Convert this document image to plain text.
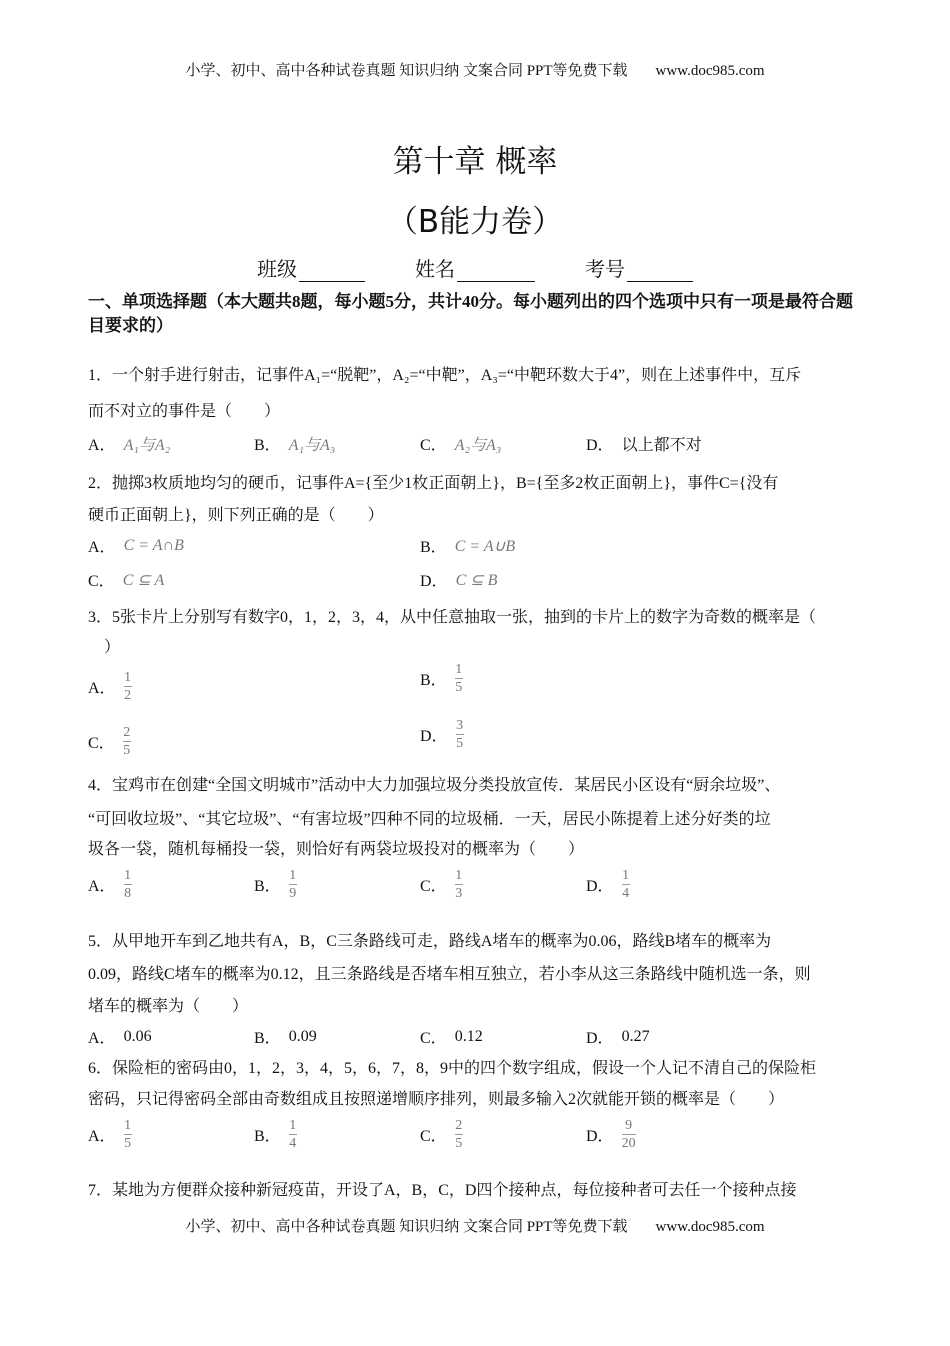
小学、初中、高中各种试卷真题 知识归纳 文案合同 PPT等免费下载 www.doc985.com
第十章 概率
（B能力卷）
班级	姓名	考号
一、单项选择题（本大题共8题，每小题5分，共计40分。每小题列出的四个选项中只有一项是最符合题目要求的）
1．一个射手进行射击，记事件A₁=“脱靶”，A₂=“中靶”，A₃=“中靶环数大于4”，则在上述事件中，互斥
而不对立的事件是（　　）
A． A₁与A₂	B． A₁与A₃	C． A₂与A₃	D． 以上都不对
2．抛掷3枚质地均匀的硬币，记事件A={至少1枚正面朝上}，B={至多2枚正面朝上}，事件C={没有
硬币正面朝上}，则下列正确的是（　　）
A． C = A∩B	B． C = A∪B
C． C ⊆ A	D． C ⊆ B
3．5张卡片上分别写有数字0，1，2，3，4，从中任意抽取一张，抽到的卡片上的数字为奇数的概率是（
　）
A． $\frac{1}{2}$	B． $\frac{1}{5}$
C． $\frac{2}{5}$	D． $\frac{3}{5}$
4．宝鸡市在创建“全国文明城市”活动中大力加强垃圾分类投放宣传．某居民小区设有“厨余垃圾”、
“可回收垃圾”、“其它垃圾”、“有害垃圾”四种不同的垃圾桶．一天，居民小陈提着上述分好类的垃
圾各一袋，随机每桶投一袋，则恰好有两袋垃圾投对的概率为（　　）
A． $\frac{1}{8}$	B． $\frac{1}{9}$	C． $\frac{1}{3}$	D． $\frac{1}{4}$
5．从甲地开车到乙地共有A，B，C三条路线可走，路线A堵车的概率为0.06，路线B堵车的概率为
0.09，路线C堵车的概率为0.12，且三条路线是否堵车相互独立，若小李从这三条路线中随机选一条，则
堵车的概率为（　　）
A． 0.06	B． 0.09	C． 0.12	D． 0.27
6．保险柜的密码由0，1，2，3，4，5，6，7，8，9中的四个数字组成，假设一个人记不清自己的保险柜
密码，只记得密码全部由奇数组成且按照递增顺序排列，则最多输入2次就能开锁的概率是（　　）
A． $\frac{1}{5}$	B． $\frac{1}{4}$	C． $\frac{2}{5}$	D． $\frac{9}{20}$
7．某地为方便群众接种新冠疫苗，开设了A，B，C，D四个接种点，每位接种者可去任一个接种点接
小学、初中、高中各种试卷真题 知识归纳 文案合同 PPT等免费下载 www.doc985.com
